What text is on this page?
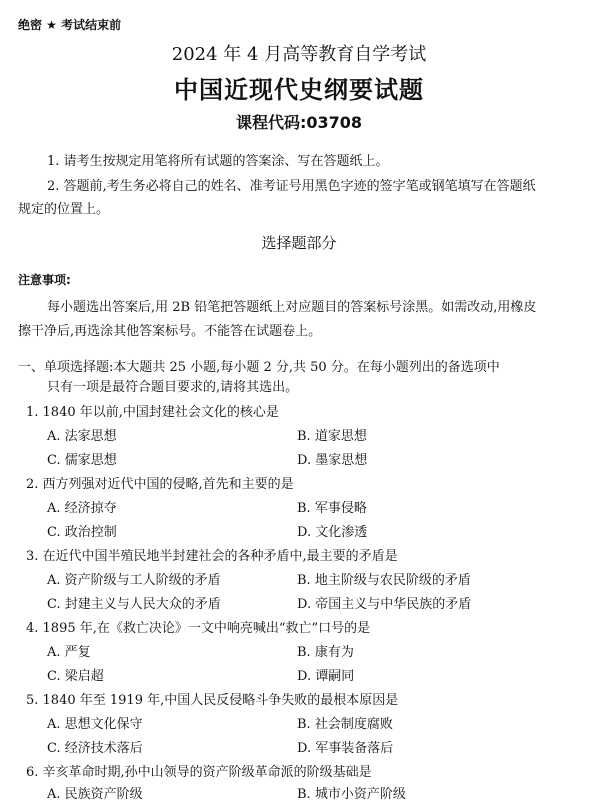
绝密 ★ 考试结束前
2024 年 4 月高等教育自学考试
中国近现代史纲要试题
课程代码:03708
1. 请考生按规定用笔将所有试题的答案涂、写在答题纸上。
2. 答题前,考生务必将自己的姓名、准考证号用黑色字迹的签字笔或钢笔填写在答题纸
规定的位置上。
选择题部分
注意事项:
每小题选出答案后,用 2B 铅笔把答题纸上对应题目的答案标号涂黑。如需改动,用橡皮
擦干净后,再选涂其他答案标号。不能答在试题卷上。
一、单项选择题:本大题共 25 小题,每小题 2 分,共 50 分。在每小题列出的备选项中
只有一项是最符合题目要求的,请将其选出。
1. 1840 年以前,中国封建社会文化的核心是
A. 法家思想	B. 道家思想
C. 儒家思想	D. 墨家思想
2. 西方列强对近代中国的侵略,首先和主要的是
A. 经济掠夺	B. 军事侵略
C. 政治控制	D. 文化渗透
3. 在近代中国半殖民地半封建社会的各种矛盾中,最主要的矛盾是
A. 资产阶级与工人阶级的矛盾	B. 地主阶级与农民阶级的矛盾
C. 封建主义与人民大众的矛盾	D. 帝国主义与中华民族的矛盾
4. 1895 年,在《救亡决论》一文中响亮喊出“救亡”口号的是
A. 严复	B. 康有为
C. 梁启超	D. 谭嗣同
5. 1840 年至 1919 年,中国人民反侵略斗争失败的最根本原因是
A. 思想文化保守	B. 社会制度腐败
C. 经济技术落后	D. 军事装备落后
6. 辛亥革命时期,孙中山领导的资产阶级革命派的阶级基础是
A. 民族资产阶级	B. 城市小资产阶级
